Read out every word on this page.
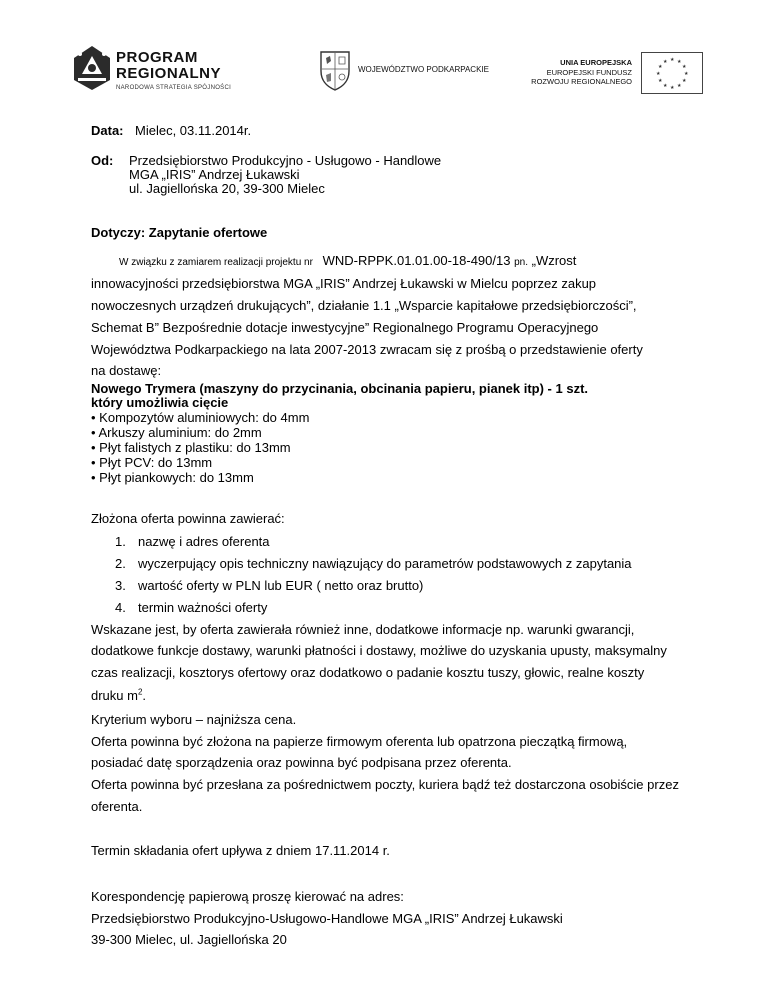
PROGRAM
REGIONALNY
NARODOWA STRATEGIA SPÓJNOŚCI
WOJEWÓDZTWO PODKARPACKIE
UNIA EUROPEJSKA
EUROPEJSKI FUNDUSZ
ROZWOJU REGIONALNEGO
★ ★
★
★
★
★
★
★
★
★
★
★
Data: Mielec, 03.11.2014r.
Od: Przedsiębiorstwo Produkcyjno - Usługowo - Handlowe
MGA „IRIS” Andrzej Łukawski
ul. Jagiellońska 20, 39-300 Mielec
Dotyczy: Zapytanie ofertowe
W związku z zamiarem realizacji projektu nr WND-RPPK.01.01.00-18-490/13 pn. „Wzrost
innowacyjności przedsiębiorstwa MGA „IRIS” Andrzej Łukawski w Mielcu poprzez zakup
nowoczesnych urządzeń drukujących”, działanie 1.1 „Wsparcie kapitałowe przedsiębiorczości”,
Schemat B” Bezpośrednie dotacje inwestycyjne” Regionalnego Programu Operacyjnego
Województwa Podkarpackiego na lata 2007-2013 zwracam się z prośbą o przedstawienie oferty
na dostawę:
Nowego Trymera (maszyny do przycinania, obcinania papieru, pianek itp) - 1 szt.
który umożliwia cięcie
• Kompozytów aluminiowych: do 4mm
• Arkuszy aluminium: do 2mm
• Płyt falistych z plastiku: do 13mm
• Płyt PCV: do 13mm
• Płyt piankowych: do 13mm
Złożona oferta powinna zawierać:
1. nazwę i adres oferenta
2. wyczerpujący opis techniczny nawiązujący do parametrów podstawowych z zapytania
3. wartość oferty w PLN lub EUR ( netto oraz brutto)
4. termin ważności oferty
Wskazane jest, by oferta zawierała również inne, dodatkowe informacje np. warunki gwarancji,
dodatkowe funkcje dostawy, warunki płatności i dostawy, możliwe do uzyskania upusty, maksymalny
czas realizacji, kosztorys ofertowy oraz dodatkowo o padanie kosztu tuszy, głowic, realne koszty
druku $m^2$.
Kryterium wyboru – najniższa cena.
Oferta powinna być złożona na papierze firmowym oferenta lub opatrzona pieczątką firmową,
posiadać datę sporządzenia oraz powinna być podpisana przez oferenta.
Oferta powinna być przesłana za pośrednictwem poczty, kuriera bądź też dostarczona osobiście przez
oferenta.
Termin składania ofert upływa z dniem 17.11.2014 r.
Korespondencję papierową proszę kierować na adres:
Przedsiębiorstwo Produkcyjno-Usługowo-Handlowe MGA „IRIS” Andrzej Łukawski
39-300 Mielec, ul. Jagiellońska 20
